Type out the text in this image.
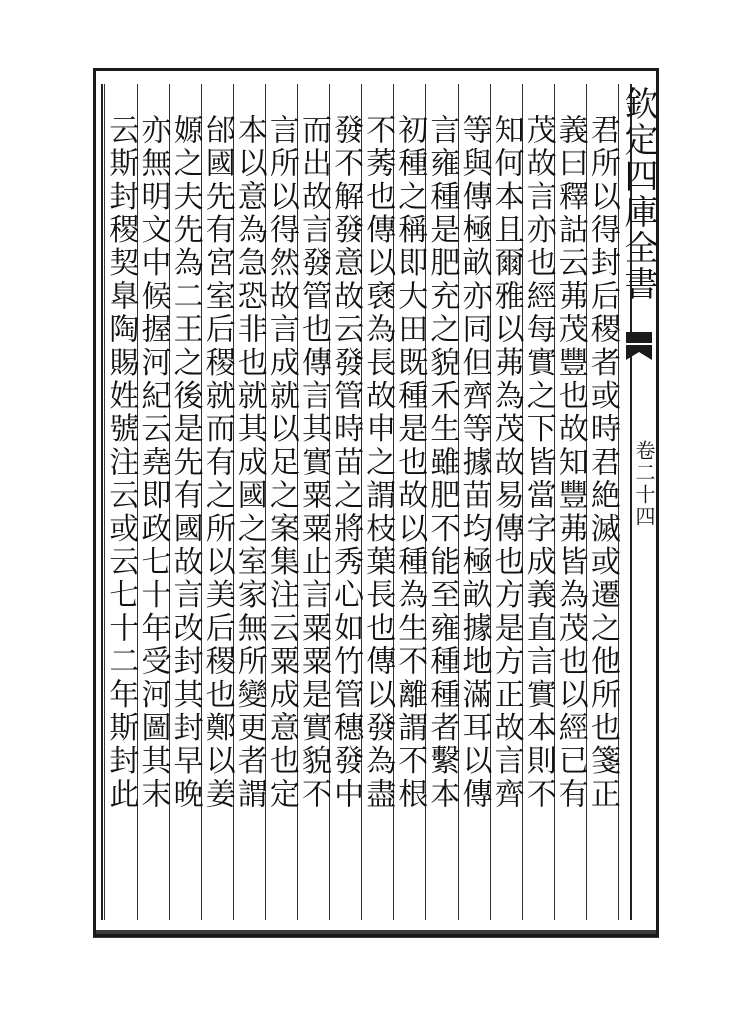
君所以得封后稷者或時君絶滅或遷之他所也箋正
義曰釋詁云茀茂豐也故知豐茀皆為茂也以經已有
茂故言亦也經每實之下皆當字成義直言實本則不
知何本且爾雅以茀為茂故易傳也方是方正故言齊
等與傳極畝亦同但齊等據苗均極畝據地滿耳以傳
言雍種是肥充之貌禾生雖肥不能至雍種種者繫本
初種之稱即大田既種是也故以種為生不離謂不根
不莠也傳以褎為長故申之謂枝葉長也傳以發為盡
發不解發意故云發管時苗之將秀心如竹管穗發中
而出故言發管也傳言其實粟粟止言粟粟是實貌不
言所以得然故言成就以足之案集注云粟成意也定
本以意為急恐非也就其成國之室家無所變更者謂
邰國先有宮室后稷就而有之所以美后稷也鄭以姜
嫄之夫先為二王之後是先有國故言改封其封早晚
亦無明文中候握河紀云堯即政七十年受河圖其末
云斯封稷契臯陶賜姓號注云或云七十二年斯封此	欽定四庫全書
卷二十四
